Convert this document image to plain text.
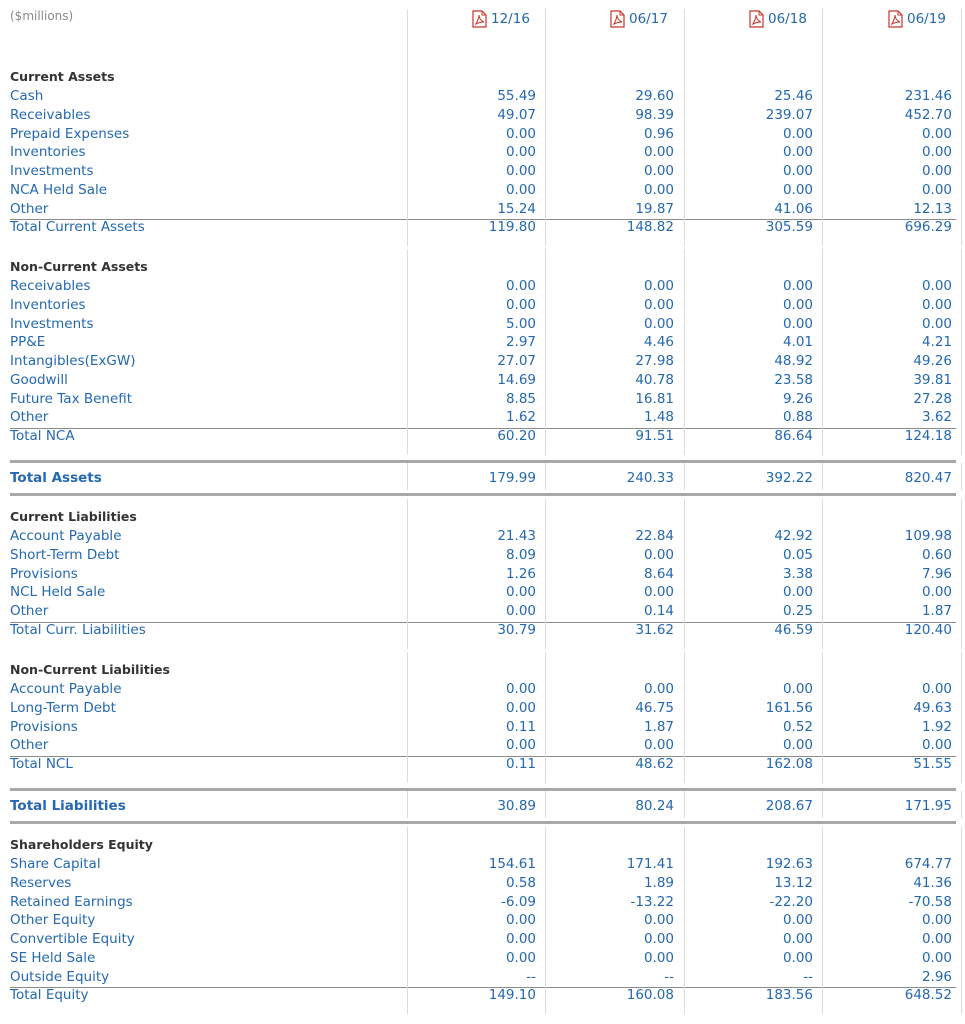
($millions)	12/16	06/17	06/18	06/19
Current Assets
Cash	55.49	29.60	25.46	231.46
Receivables	49.07	98.39	239.07	452.70
Prepaid Expenses	0.00	0.96	0.00	0.00
Inventories	0.00	0.00	0.00	0.00
Investments	0.00	0.00	0.00	0.00
NCA Held Sale	0.00	0.00	0.00	0.00
Other	15.24	19.87	41.06	12.13
Total Current Assets	119.80	148.82	305.59	696.29
Non-Current Assets
Receivables	0.00	0.00	0.00	0.00
Inventories	0.00	0.00	0.00	0.00
Investments	5.00	0.00	0.00	0.00
PP&E	2.97	4.46	4.01	4.21
Intangibles(ExGW)	27.07	27.98	48.92	49.26
Goodwill	14.69	40.78	23.58	39.81
Future Tax Benefit	8.85	16.81	9.26	27.28
Other	1.62	1.48	0.88	3.62
Total NCA	60.20	91.51	86.64	124.18
Total Assets	179.99	240.33	392.22	820.47
Current Liabilities
Account Payable	21.43	22.84	42.92	109.98
Short-Term Debt	8.09	0.00	0.05	0.60
Provisions	1.26	8.64	3.38	7.96
NCL Held Sale	0.00	0.00	0.00	0.00
Other	0.00	0.14	0.25	1.87
Total Curr. Liabilities	30.79	31.62	46.59	120.40
Non-Current Liabilities
Account Payable	0.00	0.00	0.00	0.00
Long-Term Debt	0.00	46.75	161.56	49.63
Provisions	0.11	1.87	0.52	1.92
Other	0.00	0.00	0.00	0.00
Total NCL	0.11	48.62	162.08	51.55
Total Liabilities	30.89	80.24	208.67	171.95
Shareholders Equity
Share Capital	154.61	171.41	192.63	674.77
Reserves	0.58	1.89	13.12	41.36
Retained Earnings	-6.09	-13.22	-22.20	-70.58
Other Equity	0.00	0.00	0.00	0.00
Convertible Equity	0.00	0.00	0.00	0.00
SE Held Sale	0.00	0.00	0.00	0.00
Outside Equity	--	--	--	2.96
Total Equity	149.10	160.08	183.56	648.52
